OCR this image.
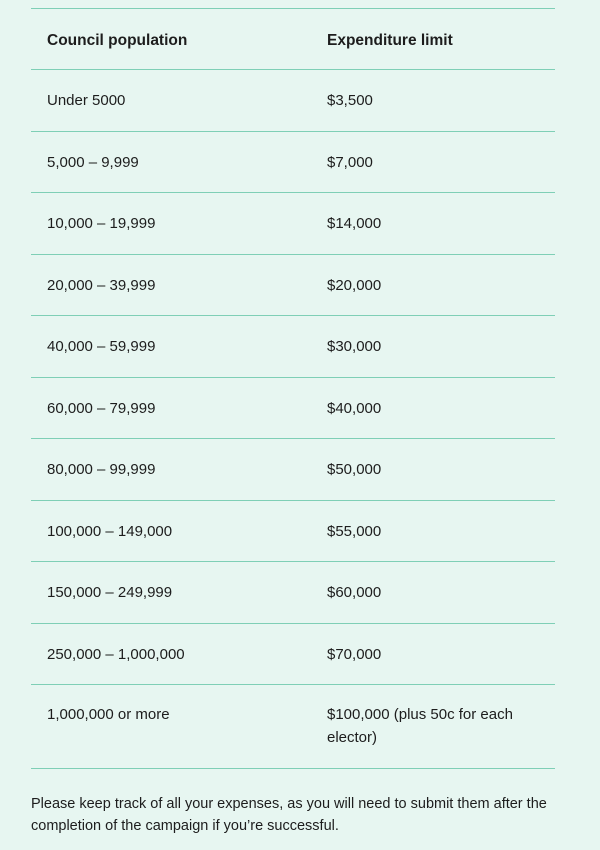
Council population	Expenditure limit
Under 5000	$3,500
5,000 – 9,999	$7,000
10,000 – 19,999	$14,000
20,000 – 39,999	$20,000
40,000 – 59,999	$30,000
60,000 – 79,999	$40,000
80,000 – 99,999	$50,000
100,000 – 149,000	$55,000
150,000 – 249,999	$60,000
250,000 – 1,000,000	$70,000
1,000,000 or more	$100,000 (plus 50c for each elector)
Please keep track of all your expenses, as you will need to submit them after the completion of the campaign if you’re successful.
